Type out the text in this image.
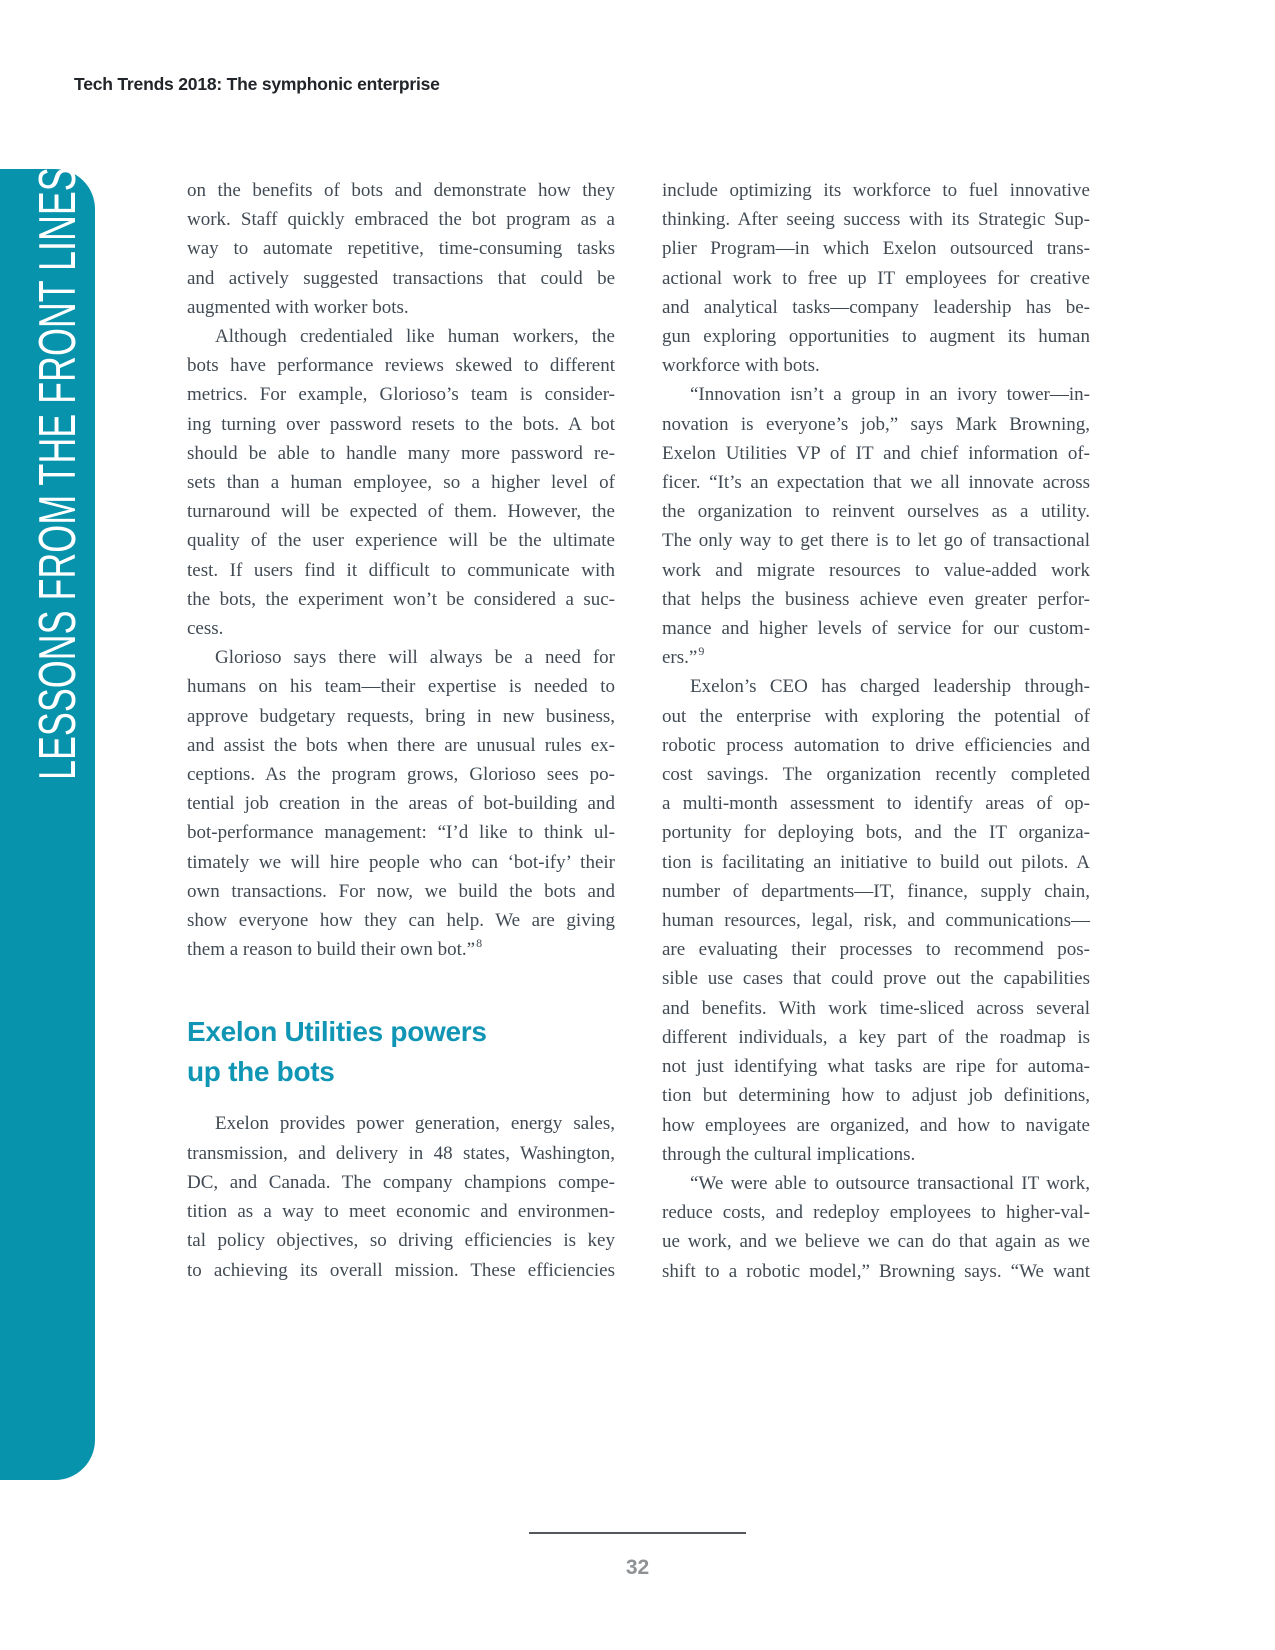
Tech Trends 2018: The symphonic enterprise
LESSONS FROM THE FRONT LINES	on the benefits of bots and demonstrate how they
work. Staff quickly embraced the bot program as a
way to automate repetitive, time-consuming tasks
and actively suggested transactions that could be
augmented with worker bots.
Although credentialed like human workers, the
bots have performance reviews skewed to different
metrics. For example, Glorioso’s team is consider-
ing turning over password resets to the bots. A bot
should be able to handle many more password re-
sets than a human employee, so a higher level of
turnaround will be expected of them. However, the
quality of the user experience will be the ultimate
test. If users find it difficult to communicate with
the bots, the experiment won’t be considered a suc-
cess.
Glorioso says there will always be a need for
humans on his team—their expertise is needed to
approve budgetary requests, bring in new business,
and assist the bots when there are unusual rules ex-
ceptions. As the program grows, Glorioso sees po-
tential job creation in the areas of bot-building and
bot-performance management: “I’d like to think ul-
timately we will hire people who can ‘bot-ify’ their
own transactions. For now, we build the bots and
show everyone how they can help. We are giving
them a reason to build their own bot.”$^8$
Exelon Utilities powers
up the bots
Exelon provides power generation, energy sales,
transmission, and delivery in 48 states, Washington,
DC, and Canada. The company champions compe-
tition as a way to meet economic and environmen-
tal policy objectives, so driving efficiencies is key
to achieving its overall mission. These efficiencies
include optimizing its workforce to fuel innovative
thinking. After seeing success with its Strategic Sup-
plier Program—in which Exelon outsourced trans-
actional work to free up IT employees for creative
and analytical tasks—company leadership has be-
gun exploring opportunities to augment its human
workforce with bots.
“Innovation isn’t a group in an ivory tower—in-
novation is everyone’s job,” says Mark Browning,
Exelon Utilities VP of IT and chief information of-
ficer. “It’s an expectation that we all innovate across
the organization to reinvent ourselves as a utility.
The only way to get there is to let go of transactional
work and migrate resources to value-added work
that helps the business achieve even greater perfor-
mance and higher levels of service for our custom-
ers.”$^9$
Exelon’s CEO has charged leadership through-
out the enterprise with exploring the potential of
robotic process automation to drive efficiencies and
cost savings. The organization recently completed
a multi-month assessment to identify areas of op-
portunity for deploying bots, and the IT organiza-
tion is facilitating an initiative to build out pilots. A
number of departments—IT, finance, supply chain,
human resources, legal, risk, and communications—
are evaluating their processes to recommend pos-
sible use cases that could prove out the capabilities
and benefits. With work time-sliced across several
different individuals, a key part of the roadmap is
not just identifying what tasks are ripe for automa-
tion but determining how to adjust job definitions,
how employees are organized, and how to navigate
through the cultural implications.
“We were able to outsource transactional IT work,
reduce costs, and redeploy employees to higher-val-
ue work, and we believe we can do that again as we
shift to a robotic model,” Browning says. “We want
32
